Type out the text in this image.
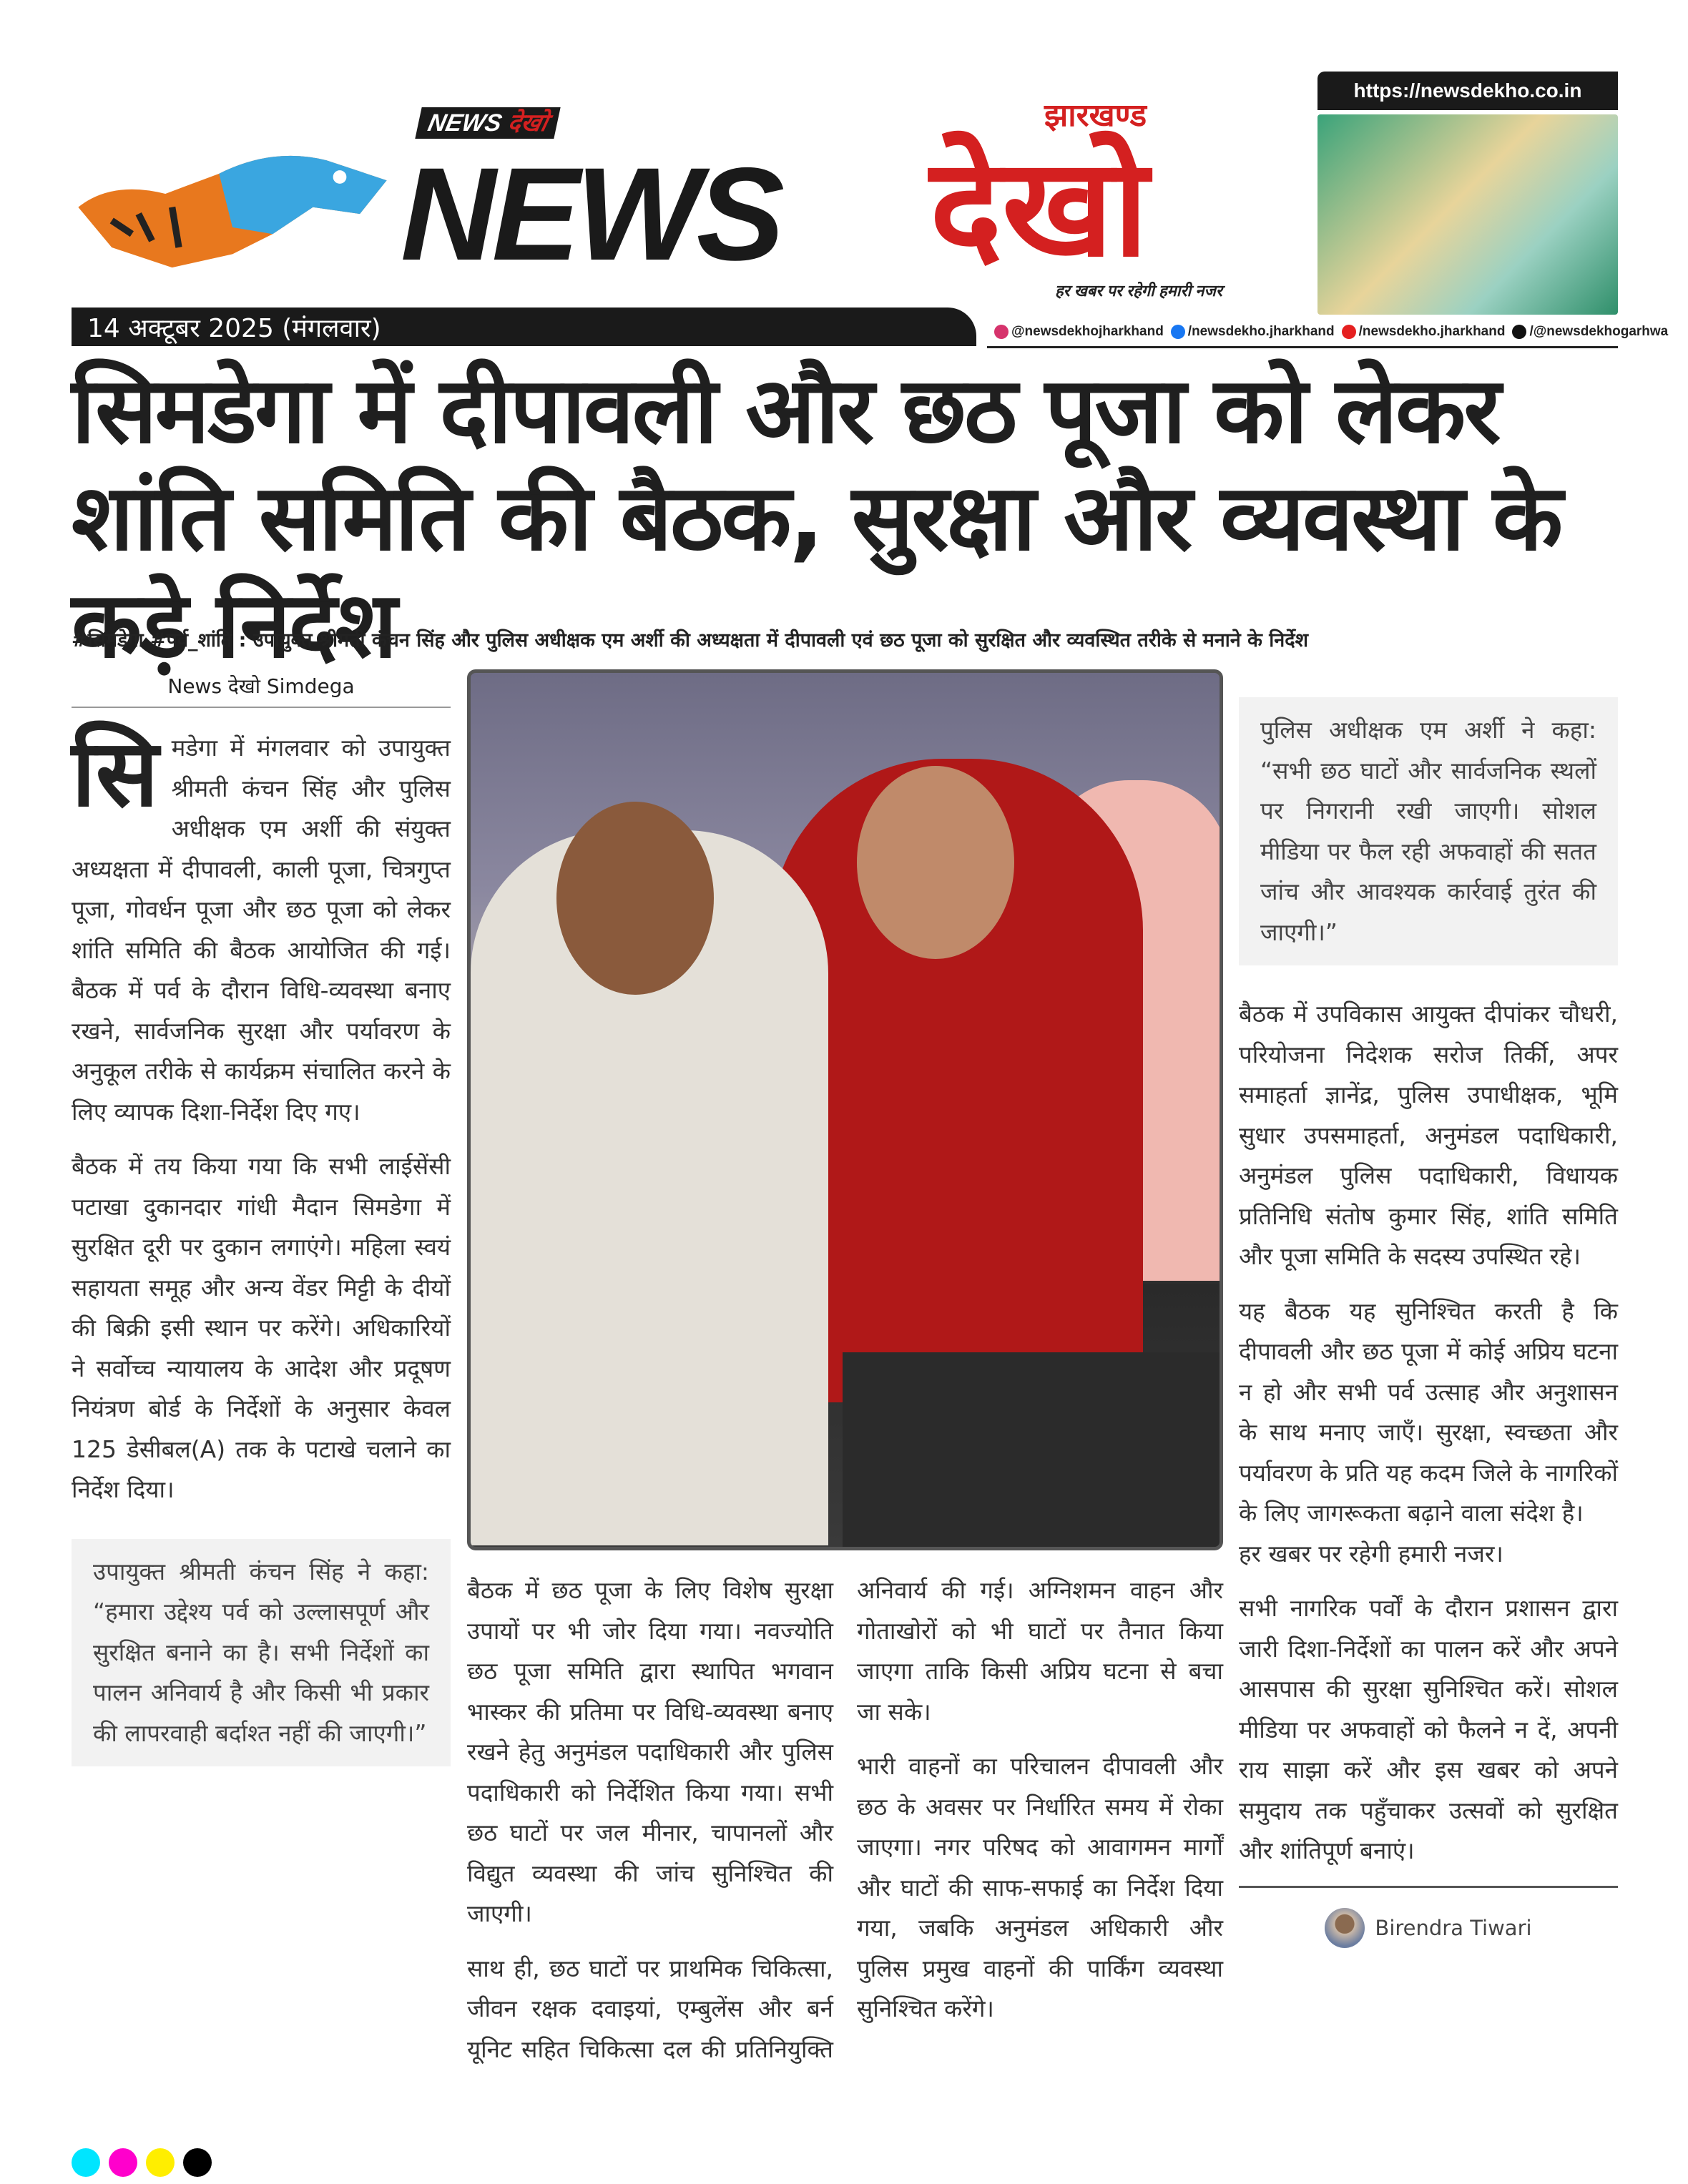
https://newsdekho.co.in
NEWS देखो
NEWS
झारखण्ड
देखो
हर खबर पर रहेगी हमारी नजर
14 अक्टूबर 2025 (मंगलवार)	@newsdekhojharkhand	/newsdekho.jharkhand	/newsdekho.jharkhand	/@newsdekhogarhwa
सिमडेगा में दीपावली और छठ पूजा को लेकर शांति समिति की बैठक, सुरक्षा और व्यवस्था के कड़े निर्देश
#सिमडेगा #पर्व_शांति : उपायुक्त श्रीमती कंचन सिंह और पुलिस अधीक्षक एम अर्शी की अध्यक्षता में दीपावली एवं छठ पूजा को सुरक्षित और व्यवस्थित तरीके से मनाने के निर्देश
News देखो Simdega

सिमडेगा में मंगलवार को उपायुक्त श्रीमती कंचन सिंह और पुलिस अधीक्षक एम अर्शी की संयुक्त अध्यक्षता में दीपावली, काली पूजा, चित्रगुप्त पूजा, गोवर्धन पूजा और छठ पूजा को लेकर शांति समिति की बैठक आयोजित की गई। बैठक में पर्व के दौरान विधि-व्यवस्था बनाए रखने, सार्वजनिक सुरक्षा और पर्यावरण के अनुकूल तरीके से कार्यक्रम संचालित करने के लिए व्यापक दिशा-निर्देश दिए गए।

बैठक में तय किया गया कि सभी लाईसेंसी पटाखा दुकानदार गांधी मैदान सिमडेगा में सुरक्षित दूरी पर दुकान लगाएंगे। महिला स्वयं सहायता समूह और अन्य वेंडर मिट्टी के दीयों की बिक्री इसी स्थान पर करेंगे। अधिकारियों ने सर्वोच्च न्यायालय के आदेश और प्रदूषण नियंत्रण बोर्ड के निर्देशों के अनुसार केवल 125 डेसीबल(A) तक के पटाखे चलाने का निर्देश दिया।

उपायुक्त श्रीमती कंचन सिंह ने कहा: “हमारा उद्देश्य पर्व को उल्लासपूर्ण और सुरक्षित बनाने का है। सभी निर्देशों का पालन अनिवार्य है और किसी भी प्रकार की लापरवाही बर्दाश्त नहीं की जाएगी।”

बैठक में छठ पूजा के लिए विशेष सुरक्षा उपायों पर भी जोर दिया गया। नवज्योति छठ पूजा समिति द्वारा स्थापित भगवान भास्कर की प्रतिमा पर विधि-व्यवस्था बनाए रखने हेतु अनुमंडल पदाधिकारी और पुलिस पदाधिकारी को निर्देशित किया गया। सभी छठ घाटों पर जल मीनार, चापानलों और विद्युत व्यवस्था की जांच सुनिश्चित की जाएगी।

साथ ही, छठ घाटों पर प्राथमिक चिकित्सा, जीवन रक्षक दवाइयां, एम्बुलेंस और बर्न यूनिट सहित चिकित्सा दल की प्रतिनियुक्ति अनिवार्य की गई। अग्निशमन वाहन और गोताखोरों को भी घाटों पर तैनात किया जाएगा ताकि किसी अप्रिय घटना से बचा जा सके।

भारी वाहनों का परिचालन दीपावली और छठ के अवसर पर निर्धारित समय में रोका जाएगा। नगर परिषद को आवागमन मार्गों और घाटों की साफ-सफाई का निर्देश दिया गया, जबकि अनुमंडल अधिकारी और पुलिस प्रमुख वाहनों की पार्किंग व्यवस्था सुनिश्चित करेंगे।

पुलिस अधीक्षक एम अर्शी ने कहा: “सभी छठ घाटों और सार्वजनिक स्थलों पर निगरानी रखी जाएगी। सोशल मीडिया पर फैल रही अफवाहों की सतत जांच और आवश्यक कार्रवाई तुरंत की जाएगी।”

बैठक में उपविकास आयुक्त दीपांकर चौधरी, परियोजना निदेशक सरोज तिर्की, अपर समाहर्ता ज्ञानेंद्र, पुलिस उपाधीक्षक, भूमि सुधार उपसमाहर्ता, अनुमंडल पदाधिकारी, अनुमंडल पुलिस पदाधिकारी, विधायक प्रतिनिधि संतोष कुमार सिंह, शांति समिति और पूजा समिति के सदस्य उपस्थित रहे।

यह बैठक यह सुनिश्चित करती है कि दीपावली और छठ पूजा में कोई अप्रिय घटना न हो और सभी पर्व उत्साह और अनुशासन के साथ मनाए जाएँ। सुरक्षा, स्वच्छता और पर्यावरण के प्रति यह कदम जिले के नागरिकों के लिए जागरूकता बढ़ाने वाला संदेश है।

हर खबर पर रहेगी हमारी नजर।

सभी नागरिक पर्वों के दौरान प्रशासन द्वारा जारी दिशा-निर्देशों का पालन करें और अपने आसपास की सुरक्षा सुनिश्चित करें। सोशल मीडिया पर अफवाहों को फैलने न दें, अपनी राय साझा करें और इस खबर को अपने समुदाय तक पहुँचाकर उत्सवों को सुरक्षित और शांतिपूर्ण बनाएं।

Birendra Tiwari
